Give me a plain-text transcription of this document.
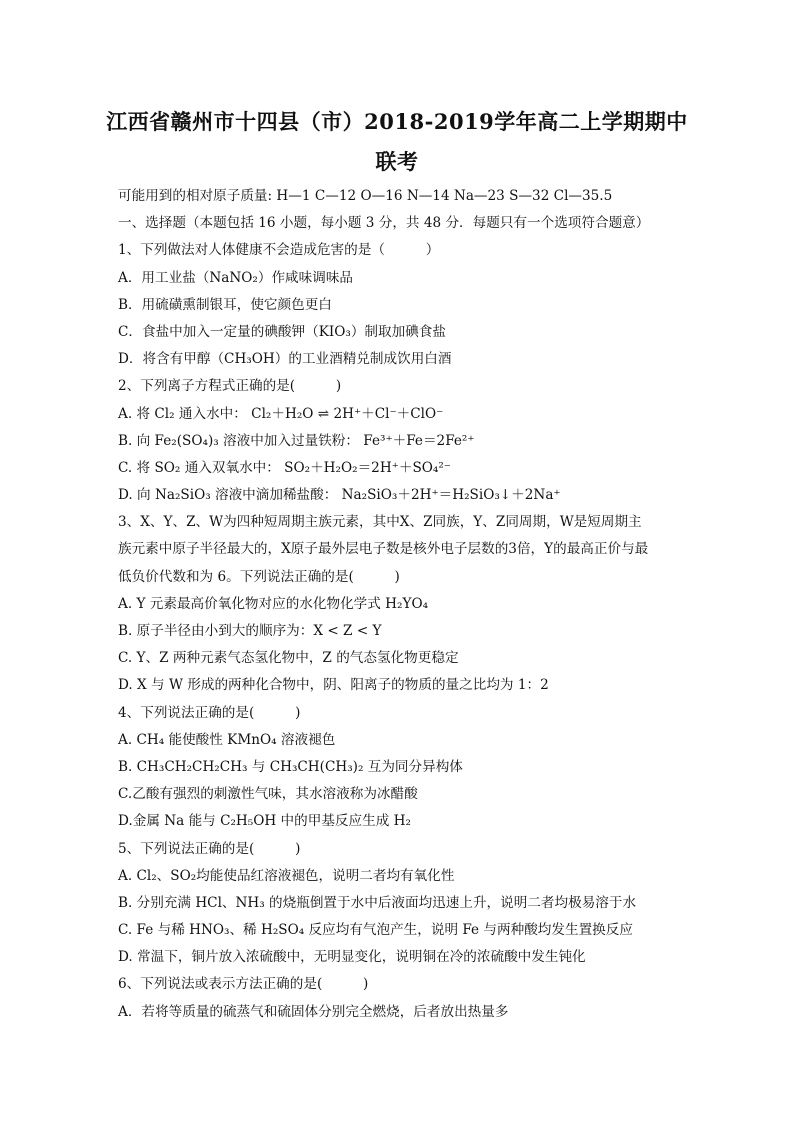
江西省赣州市十四县（市）2018-2019学年高二上学期期中
联考
可能用到的相对原子质量: H—1 C—12 O—16 N—14 Na—23 S—32 Cl—35.5
一、选择题（本题包括 16 小题，每小题 3 分，共 48 分．每题只有一个选项符合题意）
1、下列做法对人体健康不会造成危害的是（　　　）
A．用工业盐（NaNO₂）作咸味调味品
B．用硫磺熏制银耳，使它颜色更白
C．食盐中加入一定量的碘酸钾（KIO₃）制取加碘食盐
D．将含有甲醇（CH₃OH）的工业酒精兑制成饮用白酒
2、下列离子方程式正确的是(　　　)
A. 将 Cl₂ 通入水中： Cl₂＋H₂O ⇌ 2H⁺＋Cl⁻＋ClO⁻
B. 向 Fe₂(SO₄)₃ 溶液中加入过量铁粉： Fe³⁺＋Fe＝2Fe²⁺
C. 将 SO₂ 通入双氧水中： SO₂＋H₂O₂＝2H⁺＋SO₄²⁻
D. 向 Na₂SiO₃ 溶液中滴加稀盐酸： Na₂SiO₃＋2H⁺＝H₂SiO₃↓＋2Na⁺
3、X、Y、Z、W为四种短周期主族元素，其中X、Z同族，Y、Z同周期，W是短周期主
族元素中原子半径最大的，X原子最外层电子数是核外电子层数的3倍，Y的最高正价与最
低负价代数和为 6。下列说法正确的是(　　　)
A. Y 元素最高价氧化物对应的水化物化学式 H₂YO₄
B. 原子半径由小到大的顺序为：X < Z < Y
C. Y、Z 两种元素气态氢化物中，Z 的气态氢化物更稳定
D. X 与 W 形成的两种化合物中，阴、阳离子的物质的量之比均为 1：2
4、下列说法正确的是(　　　)
A. CH₄ 能使酸性 KMnO₄ 溶液褪色
B. CH₃CH₂CH₂CH₃ 与 CH₃CH(CH₃)₂ 互为同分异构体
C.乙酸有强烈的刺激性气味，其水溶液称为冰醋酸
D.金属 Na 能与 C₂H₅OH 中的甲基反应生成 H₂
5、下列说法正确的是(　　　)
A. Cl₂、SO₂均能使品红溶液褪色，说明二者均有氧化性
B. 分别充满 HCl、NH₃ 的烧瓶倒置于水中后液面均迅速上升，说明二者均极易溶于水
C. Fe 与稀 HNO₃、稀 H₂SO₄ 反应均有气泡产生，说明 Fe 与两种酸均发生置换反应
D. 常温下，铜片放入浓硫酸中，无明显变化，说明铜在冷的浓硫酸中发生钝化
6、下列说法或表示方法正确的是(　　　)
A．若将等质量的硫蒸气和硫固体分别完全燃烧，后者放出热量多
